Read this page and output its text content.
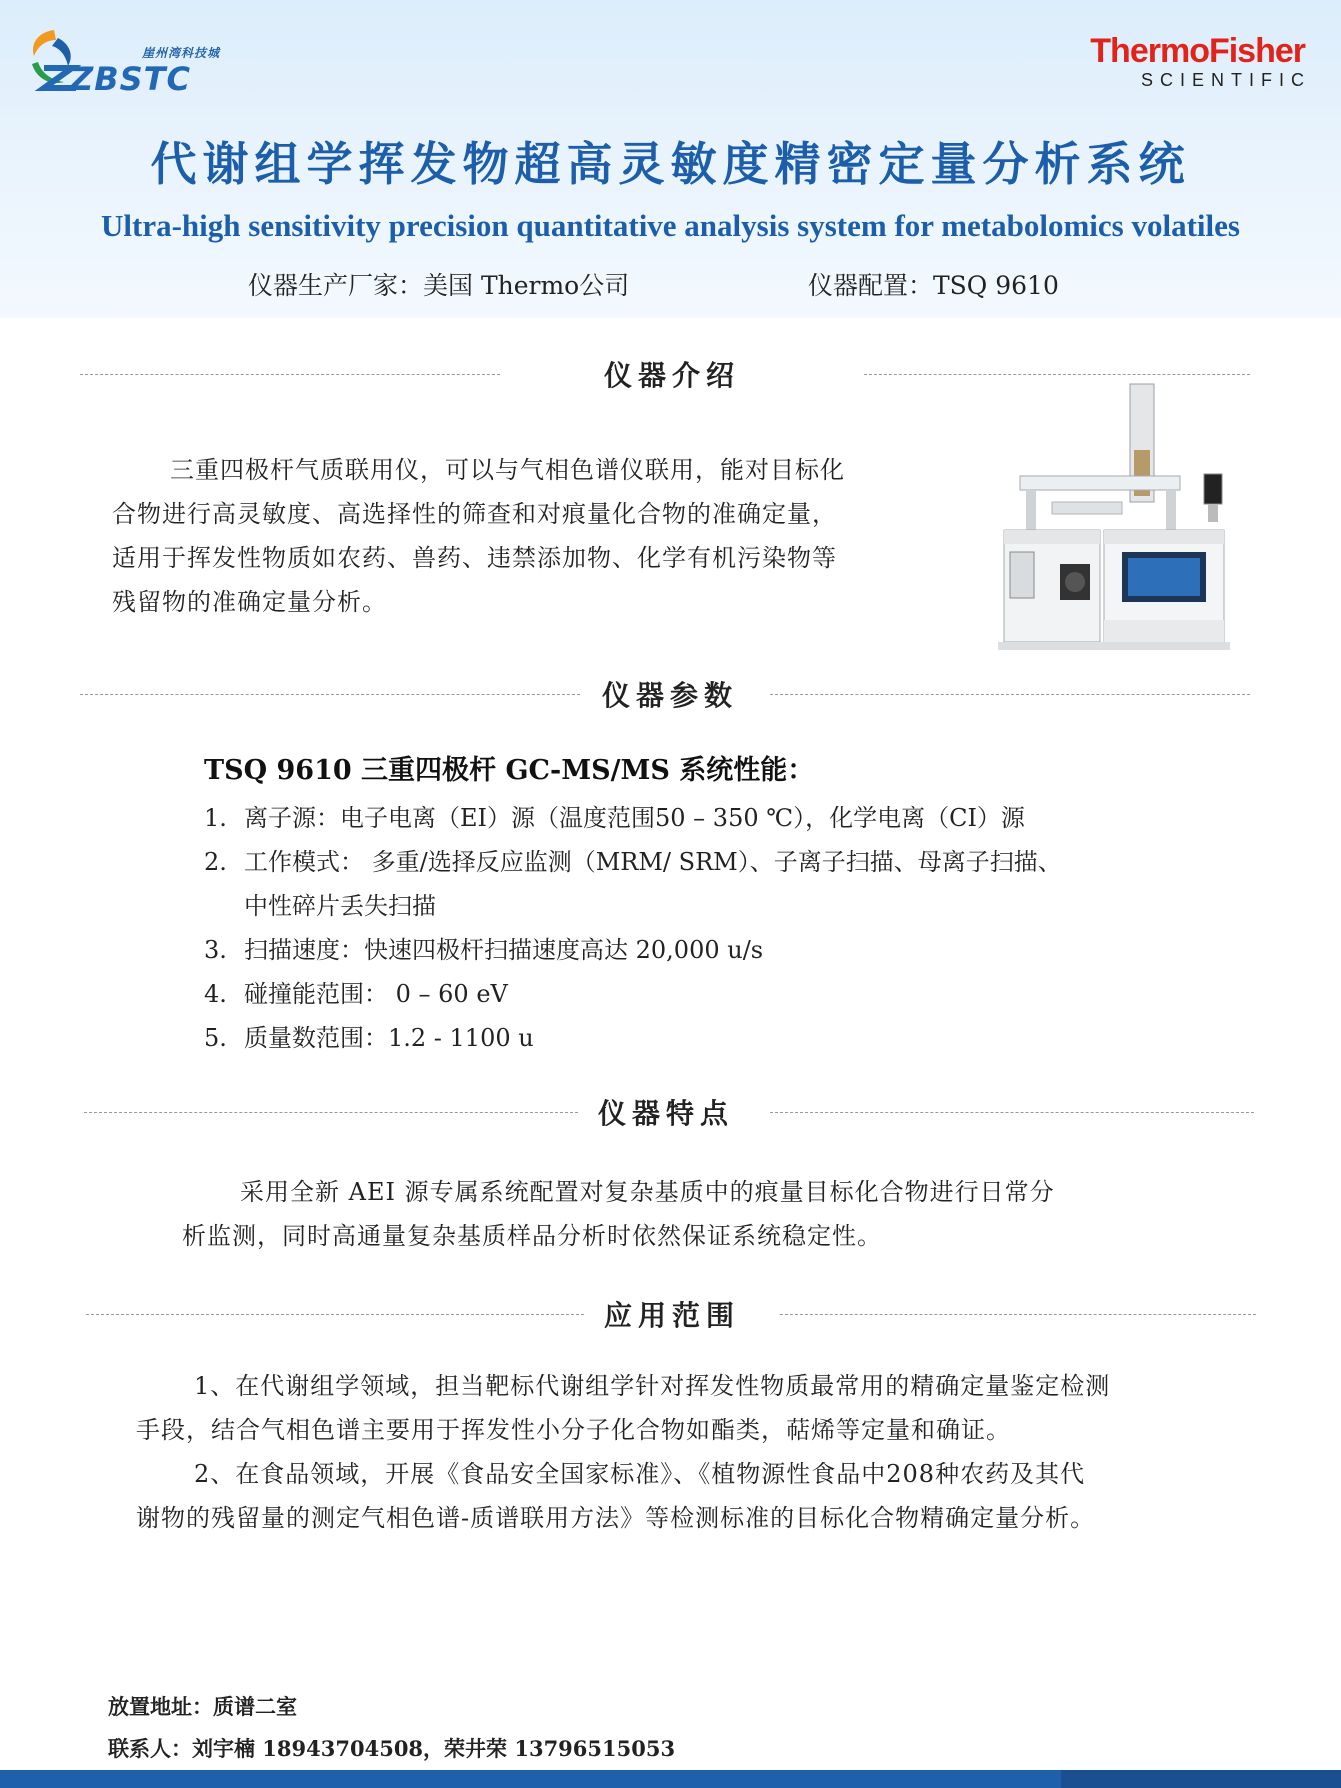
崖州湾科技城
ZBSTC
ThermoFisher
SCIENTIFIC
代谢组学挥发物超高灵敏度精密定量分析系统
Ultra-high sensitivity precision quantitative analysis system for metabolomics volatiles
仪器生产厂家：美国 Thermo公司	仪器配置：TSQ 9610
仪器介绍
三重四极杆气质联用仪，可以与气相色谱仪联用，能对目标化
合物进行高灵敏度、高选择性的筛查和对痕量化合物的准确定量，
适用于挥发性物质如农药、兽药、违禁添加物、化学有机污染物等
残留物的准确定量分析。
仪器参数
TSQ 9610 三重四极杆 GC-MS/MS 系统性能：
1. 离子源：电子电离（EI）源（温度范围50 – 350 ℃），化学电离（CI）源
2. 工作模式： 多重/选择反应监测（MRM/ SRM）、子离子扫描、母离子扫描、
中性碎片丢失扫描
3. 扫描速度：快速四极杆扫描速度高达 20,000 u/s
4. 碰撞能范围： 0 – 60 eV
5. 质量数范围：1.2 - 1100 u
仪器特点
采用全新 AEI 源专属系统配置对复杂基质中的痕量目标化合物进行日常分
析监测，同时高通量复杂基质样品分析时依然保证系统稳定性。
应用范围
1、在代谢组学领域，担当靶标代谢组学针对挥发性物质最常用的精确定量鉴定检测
手段，结合气相色谱主要用于挥发性小分子化合物如酯类，萜烯等定量和确证。
2、在食品领域，开展《食品安全国家标准》、《植物源性食品中208种农药及其代
谢物的残留量的测定气相色谱-质谱联用方法》等检测标准的目标化合物精确定量分析。
放置地址：质谱二室
联系人：刘宇楠 18943704508，荣井荣 13796515053
